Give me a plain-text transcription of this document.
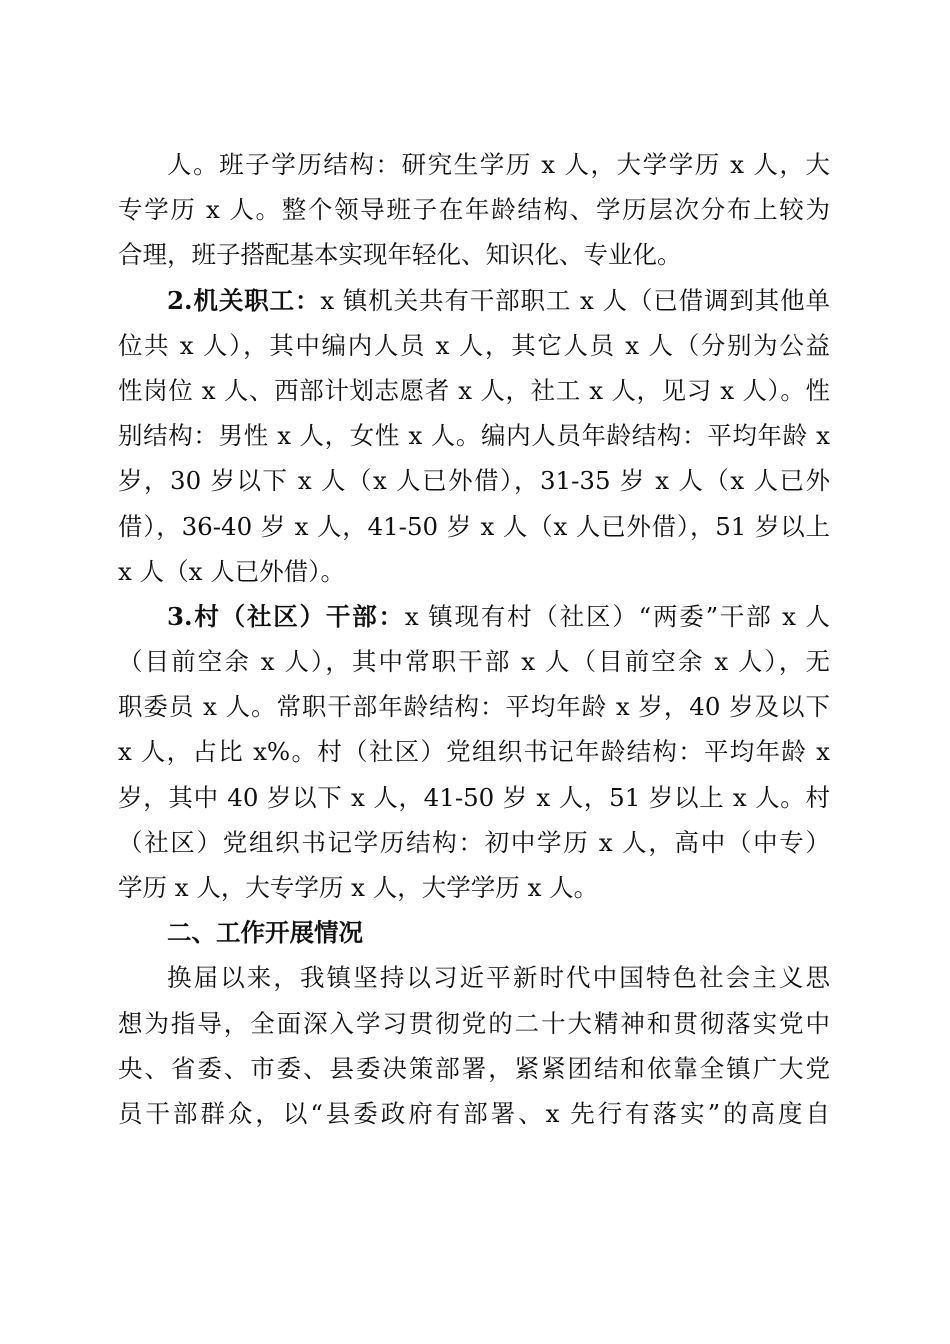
人。班子学历结构：研究生学历 x 人，大学学历 x 人，大
专学历 x 人。整个领导班子在年龄结构、学历层次分布上较为
合理，班子搭配基本实现年轻化、知识化、专业化。
2.机关职工：x 镇机关共有干部职工 x 人（已借调到其他单
位共 x 人），其中编内人员 x 人，其它人员 x 人（分别为公益
性岗位 x 人、西部计划志愿者 x 人，社工 x 人，见习 x 人）。性
别结构：男性 x 人，女性 x 人。编内人员年龄结构：平均年龄 x
岁，30 岁以下 x 人（x 人已外借），31-35 岁 x 人（x 人已外
借），36-40 岁 x 人，41-50 岁 x 人（x 人已外借），51 岁以上
x 人（x 人已外借）。
3.村（社区）干部：x 镇现有村（社区）“两委”干部 x 人
（目前空余 x 人），其中常职干部 x 人（目前空余 x 人），无
职委员 x 人。常职干部年龄结构：平均年龄 x 岁，40 岁及以下
x 人，占比 x%。村（社区）党组织书记年龄结构：平均年龄 x
岁，其中 40 岁以下 x 人，41-50 岁 x 人，51 岁以上 x 人。村
（社区）党组织书记学历结构：初中学历 x 人，高中（中专）
学历 x 人，大专学历 x 人，大学学历 x 人。
二、工作开展情况
换届以来，我镇坚持以习近平新时代中国特色社会主义思
想为指导，全面深入学习贯彻党的二十大精神和贯彻落实党中
央、省委、市委、县委决策部署，紧紧团结和依靠全镇广大党
员干部群众，以“县委政府有部署、x 先行有落实”的高度自
